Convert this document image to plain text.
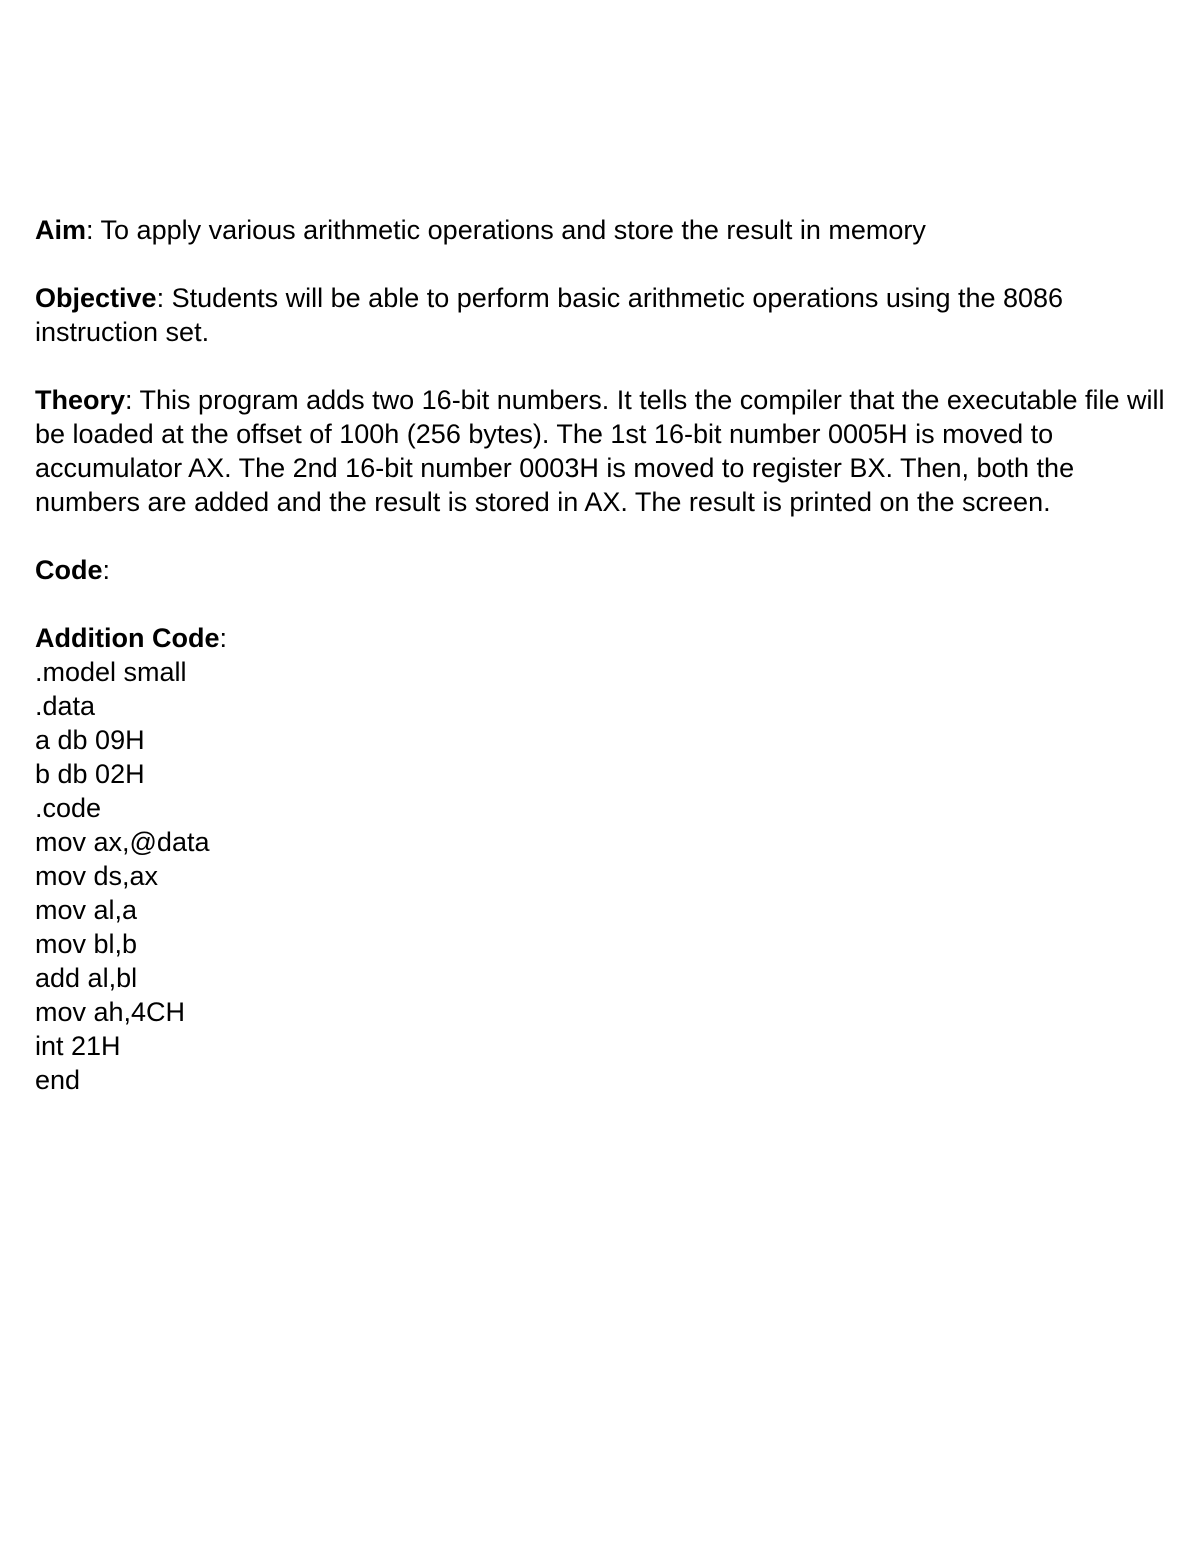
Aim: To apply various arithmetic operations and store the result in memory

Objective: Students will be able to perform basic arithmetic operations using the 8086 instruction set.

Theory: This program adds two 16-bit numbers. It tells the compiler that the executable file will be loaded at the offset of 100h (256 bytes). The 1st 16-bit number 0005H is moved to accumulator AX. The 2nd 16-bit number 0003H is moved to register BX. Then, both the numbers are added and the result is stored in AX. The result is printed on the screen.

Code:

Addition Code:
.model small
.data
a db 09H
b db 02H
.code
mov ax,@data
mov ds,ax
mov al,a
mov bl,b
add al,bl
mov ah,4CH
int 21H
end
